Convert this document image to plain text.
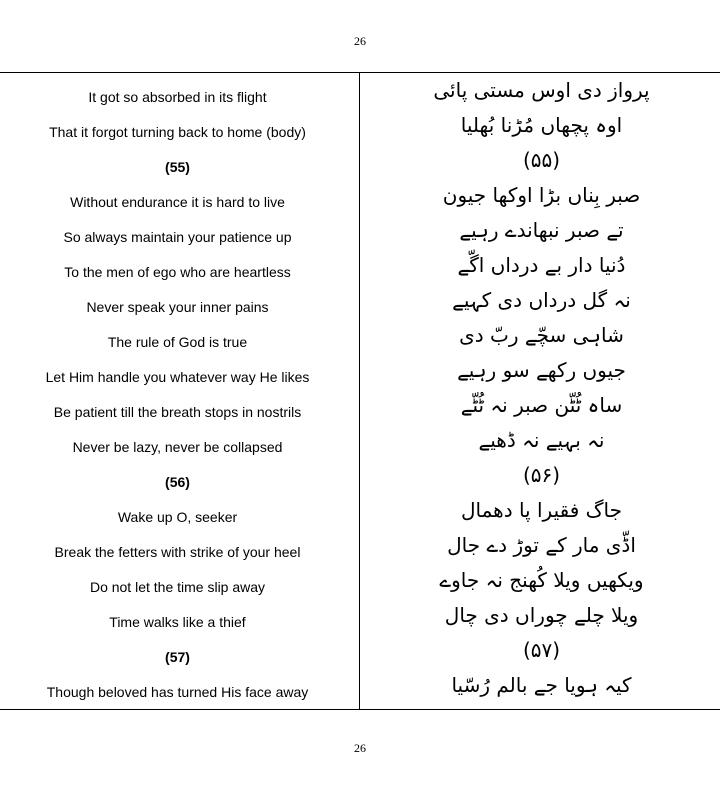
26
It got so absorbed in its flight
That it forgot turning back to home (body)
(55)
Without endurance it is hard to live
So always maintain your patience up
To the men of ego who are heartless
Never speak your inner pains
The rule of God is true
Let Him handle you whatever way He likes
Be patient till the breath stops in nostrils
Never be lazy, never be collapsed
(56)
Wake up O, seeker
Break the fetters with strike of your heel
Do not let the time slip away
Time walks like a thief
(57)
Though beloved has turned His face away
پرواز دی اوس مستی پائی
اوہ پچھاں مُڑنا بُھلیا
(۵۵)
صبر بِناں بڑا اوکھا جیون
تے صبر نبھاندے رہیے
دُنیا دار بے درداں اگّے
نہ گل درداں دی کہیے
شاہی سچّے ربّ دی
جیوں رکھے سو رہیے
ساہ ٹُٹّن صبر نہ ٹُٹّے
نہ بہیے نہ ڈھیے
(۵۶)
جاگ فقیرا پا دھمال
اڈّی مار کے توڑ دے جال
ویکھیں ویلا کُھنج نہ جاوے
ویلا چلے چوراں دی چال
(۵۷)
کیہ ہویا جے بالم رُسّیا
26
